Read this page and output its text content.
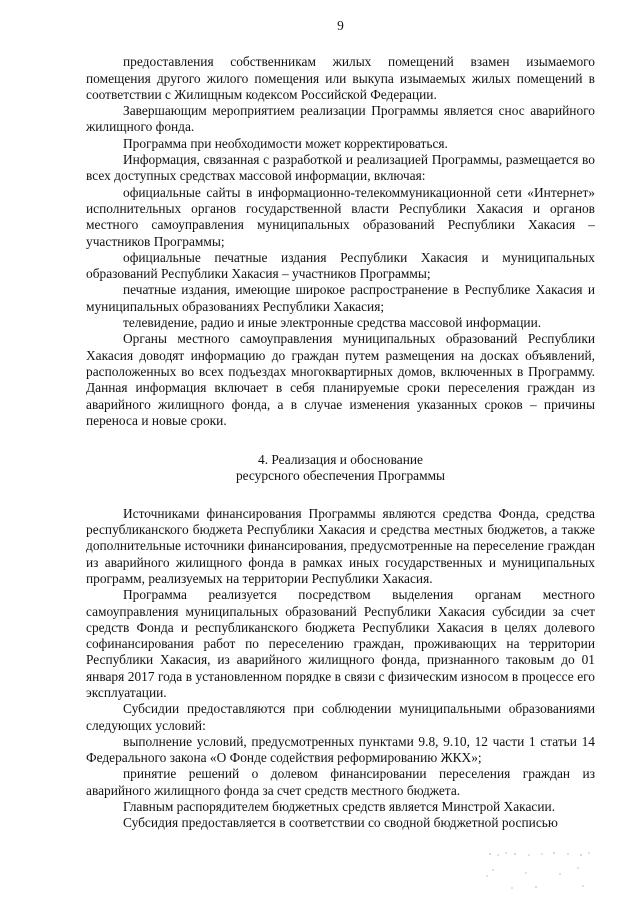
9

предоставления собственникам жилых помещений взамен изымаемого помещения другого жилого помещения или выкупа изымаемых жилых помещений в соответствии с Жилищным кодексом Российской Федерации.

Завершающим мероприятием реализации Программы является снос аварийного жилищного фонда.

Программа при необходимости может корректироваться.

Информация, связанная с разработкой и реализацией Программы, размещается во всех доступных средствах массовой информации, включая:

официальные сайты в информационно-телекоммуникационной сети «Интернет» исполнительных органов государственной власти Республики Хакасия и органов местного самоуправления муниципальных образований Республики Хакасия – участников Программы;

официальные печатные издания Республики Хакасия и муниципальных образований Республики Хакасия – участников Программы;

печатные издания, имеющие широкое распространение в Республике Хакасия и муниципальных образованиях Республики Хакасия;

телевидение, радио и иные электронные средства массовой информации.

Органы местного самоуправления муниципальных образований Республики Хакасия доводят информацию до граждан путем размещения на досках объявлений, расположенных во всех подъездах многоквартирных домов, включенных в Программу. Данная информация включает в себя планируемые сроки переселения граждан из аварийного жилищного фонда, а в случае изменения указанных сроков – причины переноса и новые сроки.

4. Реализация и обоснование
ресурсного обеспечения Программы

Источниками финансирования Программы являются средства Фонда, средства республиканского бюджета Республики Хакасия и средства местных бюджетов, а также дополнительные источники финансирования, предусмотренные на переселение граждан из аварийного жилищного фонда в рамках иных государственных и муниципальных программ, реализуемых на территории Республики Хакасия.

Программа реализуется посредством выделения органам местного самоуправления муниципальных образований Республики Хакасия субсидии за счет средств Фонда и республиканского бюджета Республики Хакасия в целях долевого софинансирования работ по переселению граждан, проживающих на территории Республики Хакасия, из аварийного жилищного фонда, признанного таковым до 01 января 2017 года в установленном порядке в связи с физическим износом в процессе его эксплуатации.

Субсидии предоставляются при соблюдении муниципальными образованиями следующих условий:

выполнение условий, предусмотренных пунктами 9.8, 9.10, 12 части 1 статьи 14 Федерального закона «О Фонде содействия реформированию ЖКХ»;

принятие решений о долевом финансировании переселения граждан из аварийного жилищного фонда за счет средств местного бюджета.

Главным распорядителем бюджетных средств является Минстрой Хакасии.

Субсидия предоставляется в соответствии со сводной бюджетной росписью
